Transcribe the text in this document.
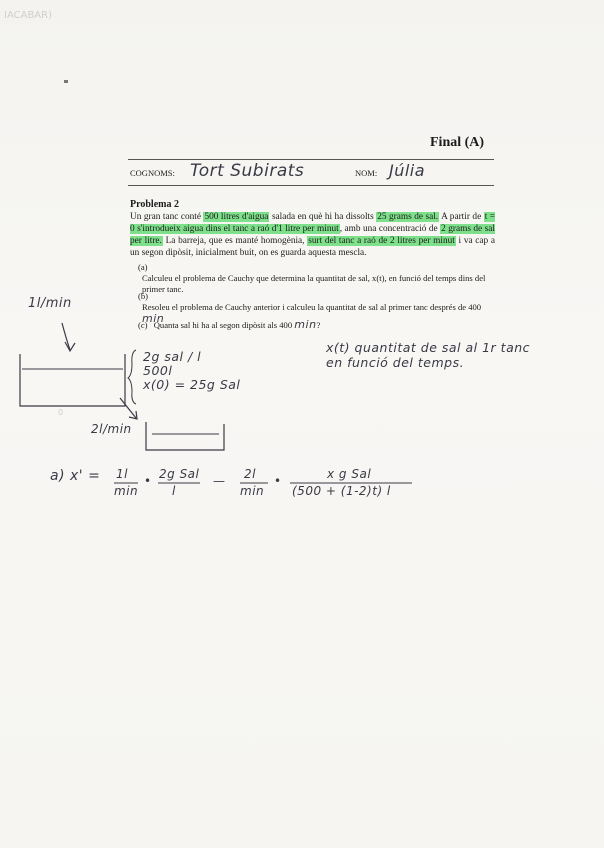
IACABAR)
Final (A)
COGNOMS: Tort Subirats	NOM: Júlia
Problema 2
Un gran tanc conté 500 litres d'aigua salada en què hi ha dissolts 25 grams de sal. A partir de t = 0 s'introdueix aigua dins el tanc a raó d'1 litre per minut, amb una concentració de 2 grams de sal per litre. La barreja, que es manté homogènia, surt del tanc a raó de 2 litres per minut i va cap a un segon dipòsit, inicialment buit, on es guarda aquesta mescla.
(a) Calculeu el problema de Cauchy que determina la quantitat de sal, x(t), en funció del temps dins del primer tanc.
(b) Resoleu el problema de Cauchy anterior i calculeu la quantitat de sal al primer tanc després de 400 min
(c) Quanta sal hi ha al segon dipòsit als 400 min?
1l/min
2g sal / l
500l
x(0) = 25g Sal
x(t) quantitat de sal al 1r tanc en funció del temps.
0
2l/min
a) x' = 1l
min
• 2g Sal
l
— 2l
min
•	x g Sal
(500 + (1-2)t) l
